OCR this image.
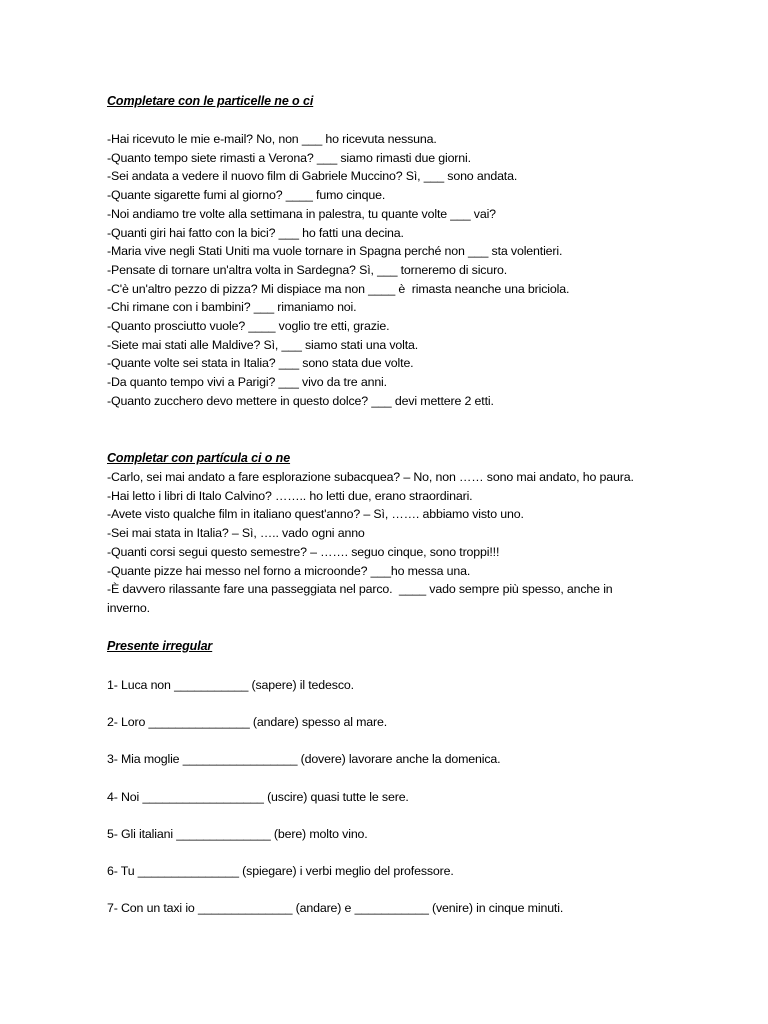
Completare con le particelle ne o ci
-Hai ricevuto le mie e-mail? No, non ___ ho ricevuta nessuna.
-Quanto tempo siete rimasti a Verona? ___ siamo rimasti due giorni.
-Sei andata a vedere il nuovo film di Gabriele Muccino? Sì, ___ sono andata.
-Quante sigarette fumi al giorno? ____ fumo cinque.
-Noi andiamo tre volte alla settimana in palestra, tu quante volte ___ vai?
-Quanti giri hai fatto con la bici? ___ ho fatti una decina.
-Maria vive negli Stati Uniti ma vuole tornare in Spagna perché non ___ sta volentieri.
-Pensate di tornare un'altra volta in Sardegna? Sì, ___ torneremo di sicuro.
-C'è un'altro pezzo di pizza? Mi dispiace ma non ____ è  rimasta neanche una briciola.
-Chi rimane con i bambini? ___ rimaniamo noi.
-Quanto prosciutto vuole? ____ voglio tre etti, grazie.
-Siete mai stati alle Maldive? Sì, ___ siamo stati una volta.
-Quante volte sei stata in Italia? ___ sono stata due volte.
-Da quanto tempo vivi a Parigi? ___ vivo da tre anni.
-Quanto zucchero devo mettere in questo dolce? ___ devi mettere 2 etti.
Completar con partícula ci o ne
-Carlo, sei mai andato a fare esplorazione subacquea? – No, non …… sono mai andato, ho paura.
-Hai letto i libri di Italo Calvino? …….. ho letti due, erano straordinari.
-Avete visto qualche film in italiano quest'anno? – Sì, ……. abbiamo visto uno.
-Sei mai stata in Italia? – Sì, ….. vado ogni anno
-Quanti corsi segui questo semestre? – ……. seguo cinque, sono troppi!!!
-Quante pizze hai messo nel forno a microonde? ___ho messa una.
-È davvero rilassante fare una passeggiata nel parco.  ____ vado sempre più spesso, anche in
inverno.
Presente irregular
1- Luca non ___________ (sapere) il tedesco.
2- Loro _______________ (andare) spesso al mare.
3- Mia moglie _________________ (dovere) lavorare anche la domenica.
4- Noi __________________ (uscire) quasi tutte le sere.
5- Gli italiani ______________ (bere) molto vino.
6- Tu _______________ (spiegare) i verbi meglio del professore.
7- Con un taxi io ______________ (andare) e ___________ (venire) in cinque minuti.
